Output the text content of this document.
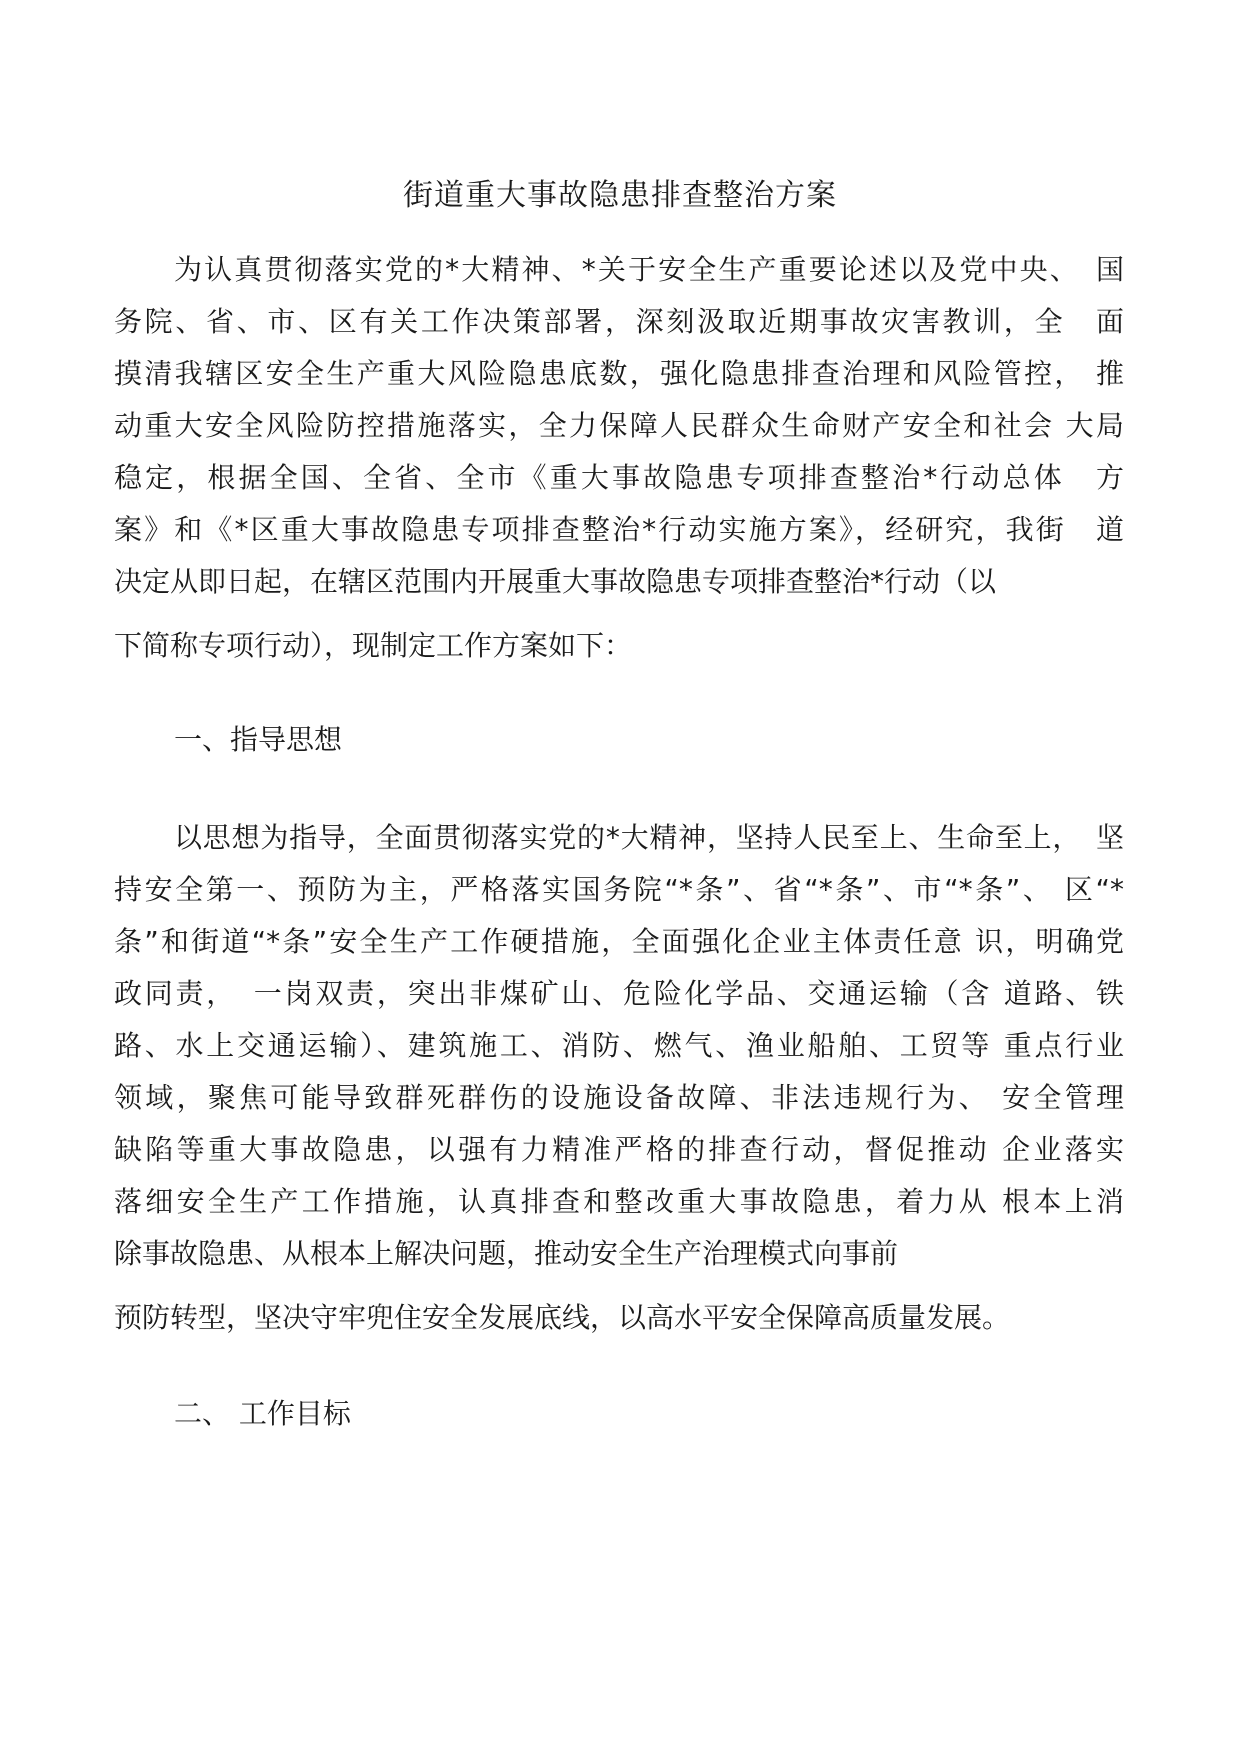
街道重大事故隐患排查整治方案
为认真贯彻落实党的*大精神、*关于安全生产重要论述以及党中央、　国
务院、省、市、区有关工作决策部署，深刻汲取近期事故灾害教训，全　面
摸清我辖区安全生产重大风险隐患底数，强化隐患排查治理和风险管控， 推
动重大安全风险防控措施落实，全力保障人民群众生命财产安全和社会 大局
稳定，根据全国、全省、全市《重大事故隐患专项排查整治*行动总体　方
案》和《*区重大事故隐患专项排查整治*行动实施方案》，经研究，我街　道
决定从即日起，在辖区范围内开展重大事故隐患专项排查整治*行动（以
下简称专项行动），现制定工作方案如下：
一、指导思想
以思想为指导，全面贯彻落实党的*大精神，坚持人民至上、生命至上，　坚
持安全第一、预防为主，严格落实国务院“*条”、省“*条”、市“*条”、 区“*
条”和街道“*条”安全生产工作硬措施，全面强化企业主体责任意 识，明确党
政同责，　一岗双责，突出非煤矿山、危险化学品、交通运输（含 道路、铁
路、水上交通运输）、建筑施工、消防、燃气、渔业船舶、工贸等 重点行业
领域，聚焦可能导致群死群伤的设施设备故障、非法违规行为、 安全管理
缺陷等重大事故隐患，以强有力精准严格的排查行动，督促推动 企业落实
落细安全生产工作措施，认真排查和整改重大事故隐患，着力从 根本上消
除事故隐患、从根本上解决问题，推动安全生产治理模式向事前
预防转型，坚决守牢兜住安全发展底线，以高水平安全保障高质量发展。
二、 工作目标
